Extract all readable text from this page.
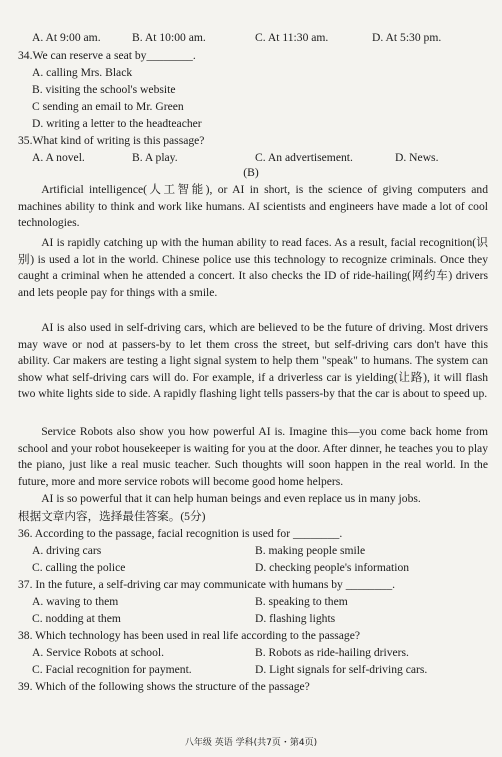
A. At 9:00 am.	B. At 10:00 am.	C. At 11:30 am.	D. At 5:30 pm.
34.We can reserve a seat by________.
A. calling Mrs. Black
B. visiting the school's website
C sending an email to Mr. Green
D. writing a letter to the headteacher
35.What kind of writing is this passage?
A. A novel.	B. A play.	C. An advertisement.	D. News.
(B)
Artificial intelligence(人工智能), or AI in short, is the science of giving computers and machines ability to think and work like humans. AI scientists and engineers have made a lot of cool technologies.
AI is rapidly catching up with the human ability to read faces. As a result, facial recognition(识别) is used a lot in the world. Chinese police use this technology to recognize criminals. Once they caught a criminal when he attended a concert. It also checks the ID of ride-hailing(网约车) drivers and lets people pay for things with a smile.
AI is also used in self-driving cars, which are believed to be the future of driving. Most drivers may wave or nod at passers-by to let them cross the street, but self-driving cars don't have this ability. Car makers are testing a light signal system to help them "speak" to humans. The system can show what self-driving cars will do. For example, if a driverless car is yielding(让路), it will flash two white lights side to side. A rapidly flashing light tells passers-by that the car is about to speed up.
Service Robots also show you how powerful AI is. Imagine this—you come back home from school and your robot housekeeper is waiting for you at the door. After dinner, he teaches you to play the piano, just like a real music teacher. Such thoughts will soon happen in the real world. In the future, more and more service robots will become good home helpers.
AI is so powerful that it can help human beings and even replace us in many jobs.
根据文章内容，选择最佳答案。(5分)
36. According to the passage, facial recognition is used for ________.
A. driving cars	B. making people smile
C. calling the police	D. checking people's information
37. In the future, a self-driving car may communicate with humans by ________.
A. waving to them	B. speaking to them
C. nodding at them	D. flashing lights
38. Which technology has been used in real life according to the passage?
A. Service Robots at school.	B. Robots as ride-hailing drivers.
C. Facial recognition for payment.	D. Light signals for self-driving cars.
39. Which of the following shows the structure of the passage?
八年级 英语 学科(共7页・第4页)
